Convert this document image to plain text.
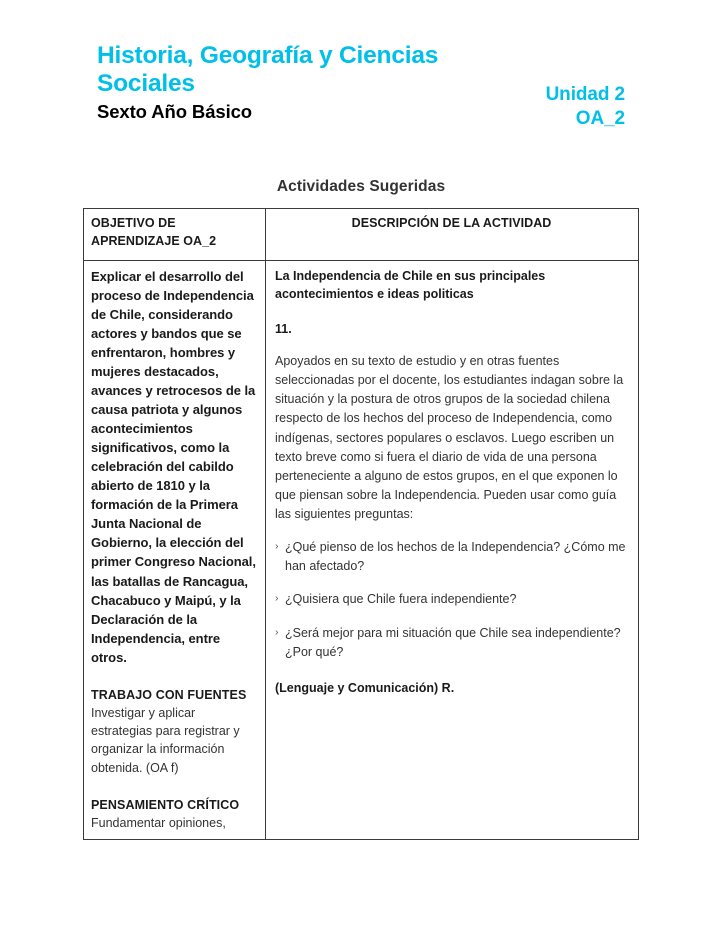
Historia, Geografía y Ciencias Sociales
Sexto Año Básico
Unidad 2
OA_2
Actividades Sugeridas
OBJETIVO DE APRENDIZAJE OA_2
DESCRIPCIÓN DE LA ACTIVIDAD

Explicar el desarrollo del proceso de Independencia de Chile, considerando actores y bandos que se enfrentaron, hombres y mujeres destacados, avances y retrocesos de la causa patriota y algunos acontecimientos significativos, como la celebración del cabildo abierto de 1810 y la formación de la Primera Junta Nacional de Gobierno, la elección del primer Congreso Nacional, las batallas de Rancagua, Chacabuco y Maipú, y la Declaración de la Independencia, entre otros.

TRABAJO CON FUENTES

Investigar y aplicar estrategias para registrar y organizar la información obtenida. (OA f)

PENSAMIENTO CRÍTICO

Fundamentar opiniones,

La Independencia de Chile en sus principales acontecimientos e ideas politicas

11.

Apoyados en su texto de estudio y en otras fuentes seleccionadas por el docente, los estudiantes indagan sobre la situación y la postura de otros grupos de la sociedad chilena respecto de los hechos del proceso de Independencia, como indígenas, sectores populares o esclavos. Luego escriben un texto breve como si fuera el diario de vida de una persona perteneciente a alguno de estos grupos, en el que exponen lo que piensan sobre la Independencia. Pueden usar como guía las siguientes preguntas:

› ¿Qué pienso de los hechos de la Independencia? ¿Cómo me han afectado?

› ¿Quisiera que Chile fuera independiente?

› ¿Será mejor para mi situación que Chile sea independiente? ¿Por qué?

(Lenguaje y Comunicación) R.
